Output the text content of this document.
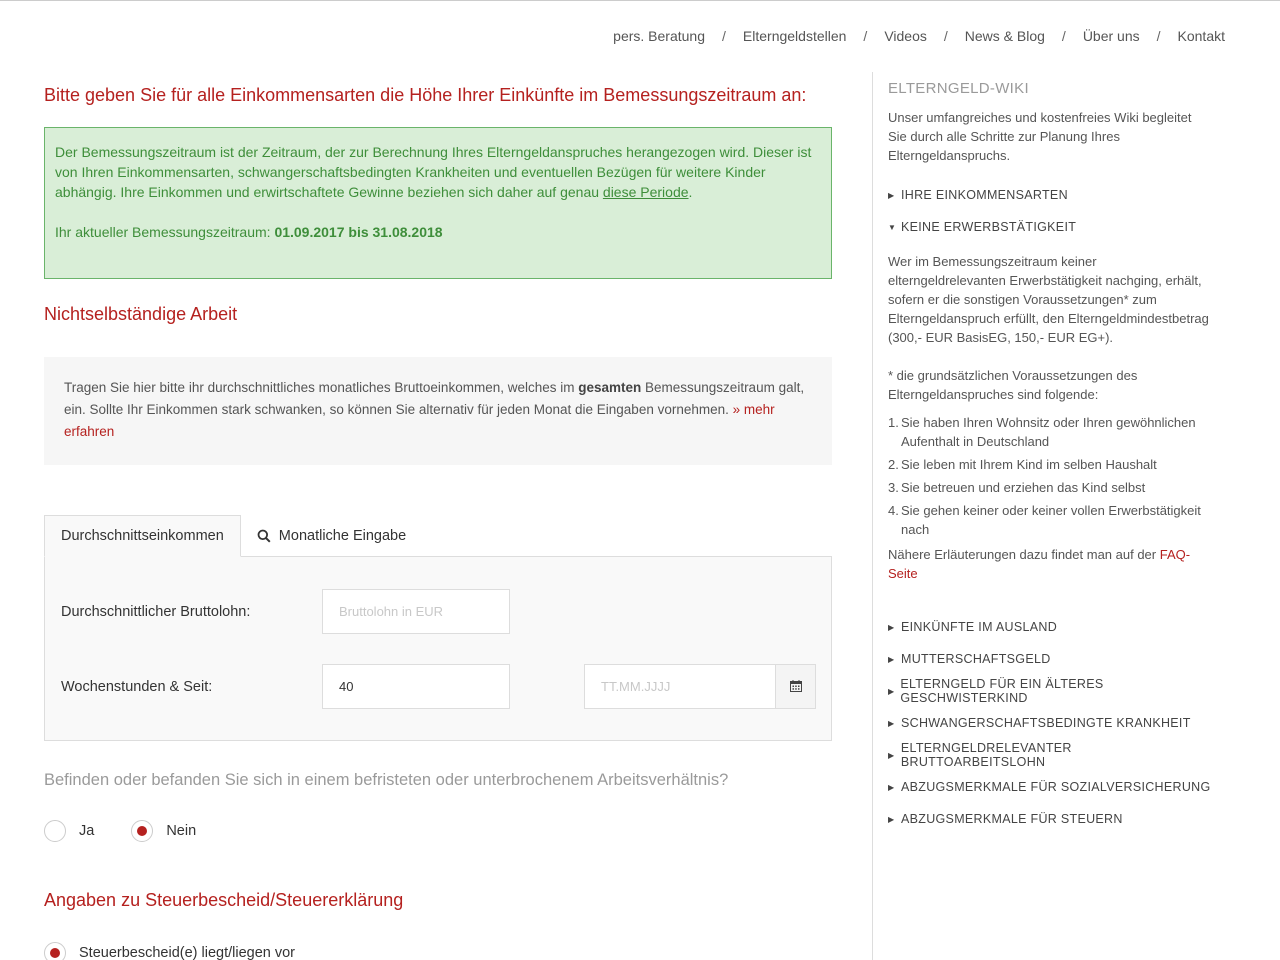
pers. Beratung / Elterngeldstellen / Videos / News & Blog / Über uns / Kontakt
Bitte geben Sie für alle Einkommensarten die Höhe Ihrer Einkünfte im Bemessungszeitraum an:
Der Bemessungszeitraum ist der Zeitraum, der zur Berechnung Ihres Elterngeldanspruches herangezogen wird. Dieser ist von Ihren Einkommensarten, schwangerschaftsbedingten Krankheiten und eventuellen Bezügen für weitere Kinder abhängig. Ihre Einkommen und erwirtschaftete Gewinne beziehen sich daher auf genau diese Periode.
Ihr aktueller Bemessungszeitraum: 01.09.2017 bis 31.08.2018
Nichtselbständige Arbeit
Tragen Sie hier bitte ihr durchschnittliches monatliches Bruttoeinkommen, welches im gesamten Bemessungszeitraum galt, ein. Sollte Ihr Einkommen stark schwanken, so können Sie alternativ für jeden Monat die Eingaben vornehmen. » mehr erfahren
Durchschnittseinkommen	Monatliche Eingabe
Durchschnittlicher Bruttolohn:
Bruttolohn in EUR
Wochenstunden & Seit:
40
TT.MM.JJJJ

Befinden oder befanden Sie sich in einem befristeten oder unterbrochenem Arbeitsverhältnis?

Ja	Nein
Angaben zu Steuerbescheid/Steuererklärung
Steuerbescheid(e) liegt/liegen vor
ELTERNGELD-WIKI

Unser umfangreiches und kostenfreies Wiki begleitet Sie durch alle Schritte zur Planung Ihres Elterngeldanspruchs.

▶ IHRE EINKOMMENSARTEN
▼ KEINE ERWERBSTÄTIGKEIT

Wer im Bemessungszeitraum keiner elterngeldrelevanten Erwerbstätigkeit nachging, erhält, sofern er die sonstigen Voraussetzungen* zum Elterngeldanspruch erfüllt, den Elterngeldmindestbetrag (300,- EUR BasisEG, 150,- EUR EG+).

* die grundsätzlichen Voraussetzungen des Elterngeldanspruches sind folgende:

1. Sie haben Ihren Wohnsitz oder Ihren gewöhnlichen Aufenthalt in Deutschland
2. Sie leben mit Ihrem Kind im selben Haushalt
3. Sie betreuen und erziehen das Kind selbst
4. Sie gehen keiner oder keiner vollen Erwerbstätigkeit nach
Nähere Erläuterungen dazu findet man auf der FAQ-Seite
▶ EINKÜNFTE IM AUSLAND
▶ MUTTERSCHAFTSGELD
▶ ELTERNGELD FÜR EIN ÄLTERES GESCHWISTERKIND
▶ SCHWANGERSCHAFTSBEDINGTE KRANKHEIT
▶ ELTERNGELDRELEVANTER BRUTTOARBEITSLOHN
▶ ABZUGSMERKMALE FÜR SOZIALVERSICHERUNG
▶ ABZUGSMERKMALE FÜR STEUERN
